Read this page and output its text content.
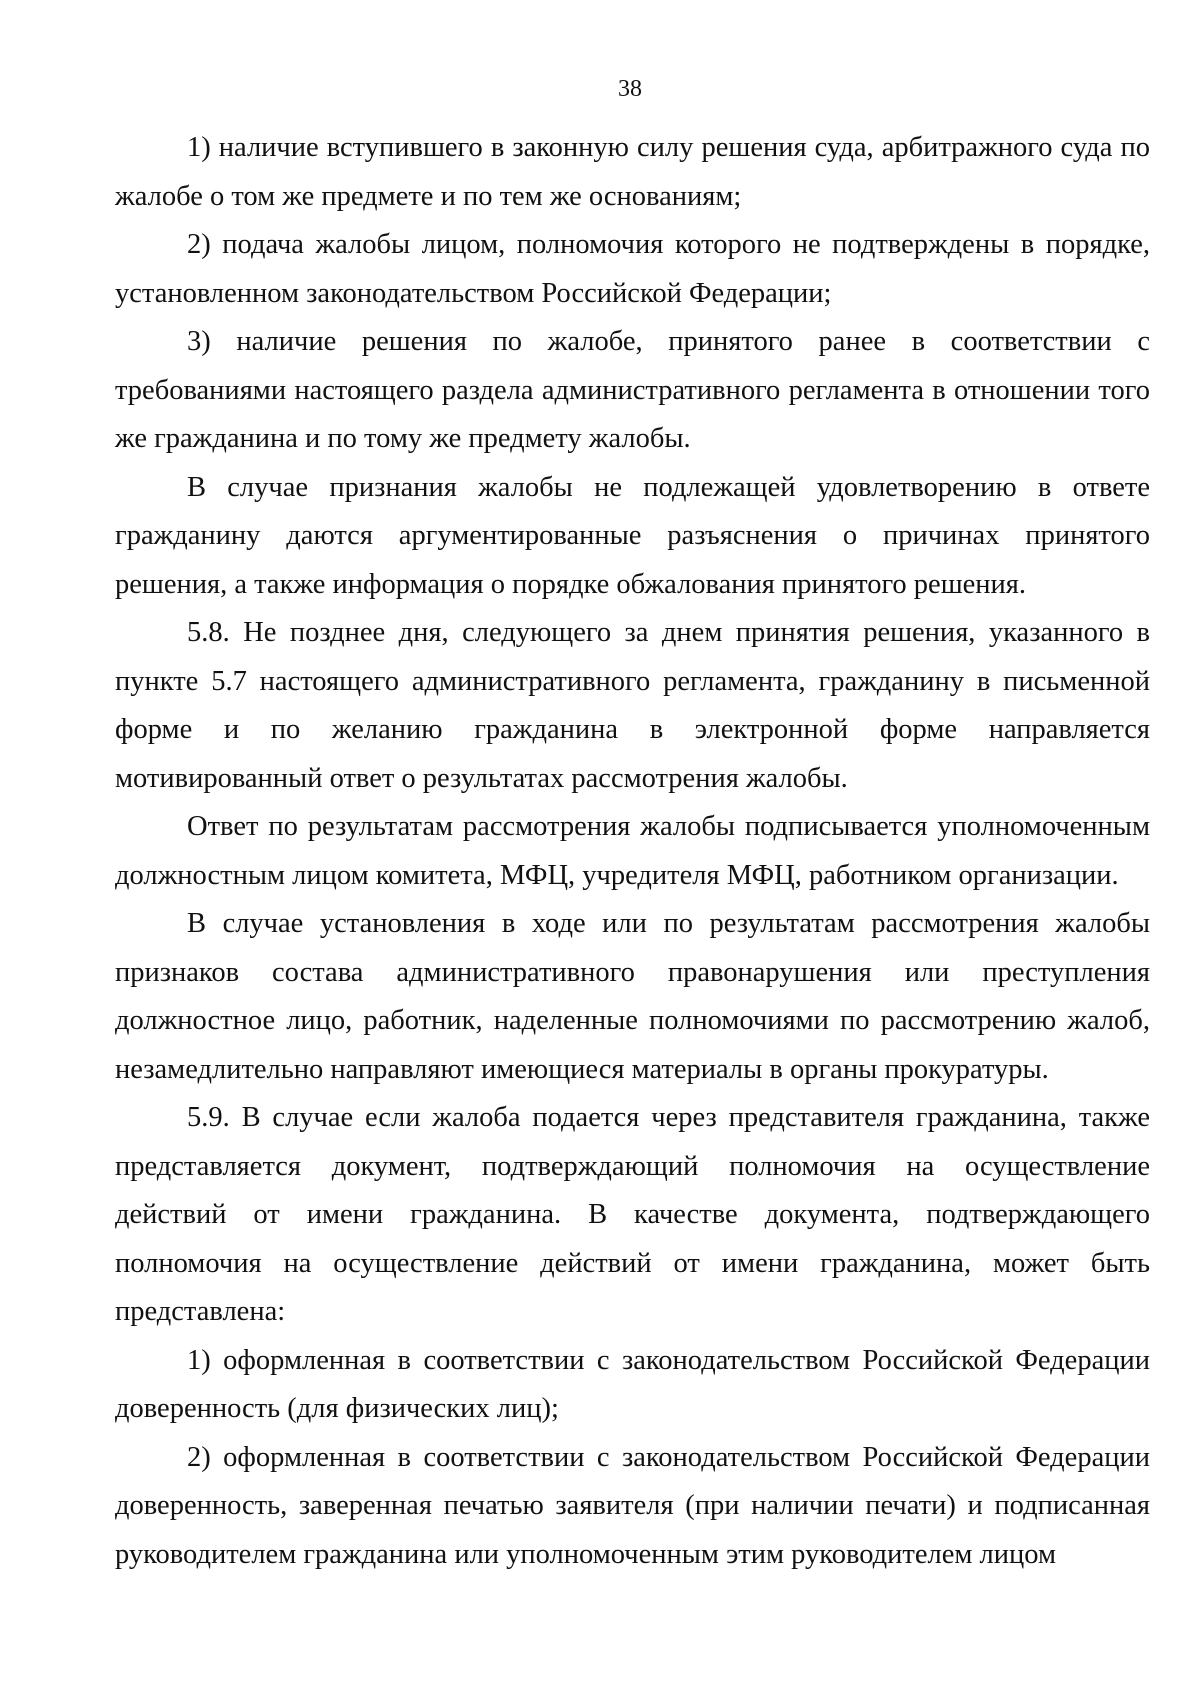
38

1) наличие вступившего в законную силу решения суда, арбитражного суда по жалобе о том же предмете и по тем же основаниям;

2) подача жалобы лицом, полномочия которого не подтверждены в порядке, установленном законодательством Российской Федерации;

3) наличие решения по жалобе, принятого ранее в соответствии с требованиями настоящего раздела административного регламента в отношении того же гражданина и по тому же предмету жалобы.

В случае признания жалобы не подлежащей удовлетворению в ответе гражданину даются аргументированные разъяснения о причинах принятого решения, а также информация о порядке обжалования принятого решения.

5.8. Не позднее дня, следующего за днем принятия решения, указанного в пункте 5.7 настоящего административного регламента, гражданину в письменной форме и по желанию гражданина в электронной форме направляется мотивированный ответ о результатах рассмотрения жалобы.

Ответ по результатам рассмотрения жалобы подписывается уполномоченным должностным лицом комитета, МФЦ, учредителя МФЦ, работником организации.

В случае установления в ходе или по результатам рассмотрения жалобы признаков состава административного правонарушения или преступления должностное лицо, работник, наделенные полномочиями по рассмотрению жалоб, незамедлительно направляют имеющиеся материалы в органы прокуратуры.

5.9. В случае если жалоба подается через представителя гражданина, также представляется документ, подтверждающий полномочия на осуществление действий от имени гражданина. В качестве документа, подтверждающего полномочия на осуществление действий от имени гражданина, может быть представлена:

1) оформленная в соответствии с законодательством Российской Федерации доверенность (для физических лиц);

2) оформленная в соответствии с законодательством Российской Федерации доверенность, заверенная печатью заявителя (при наличии печати) и подписанная руководителем гражданина или уполномоченным этим руководителем лицом
